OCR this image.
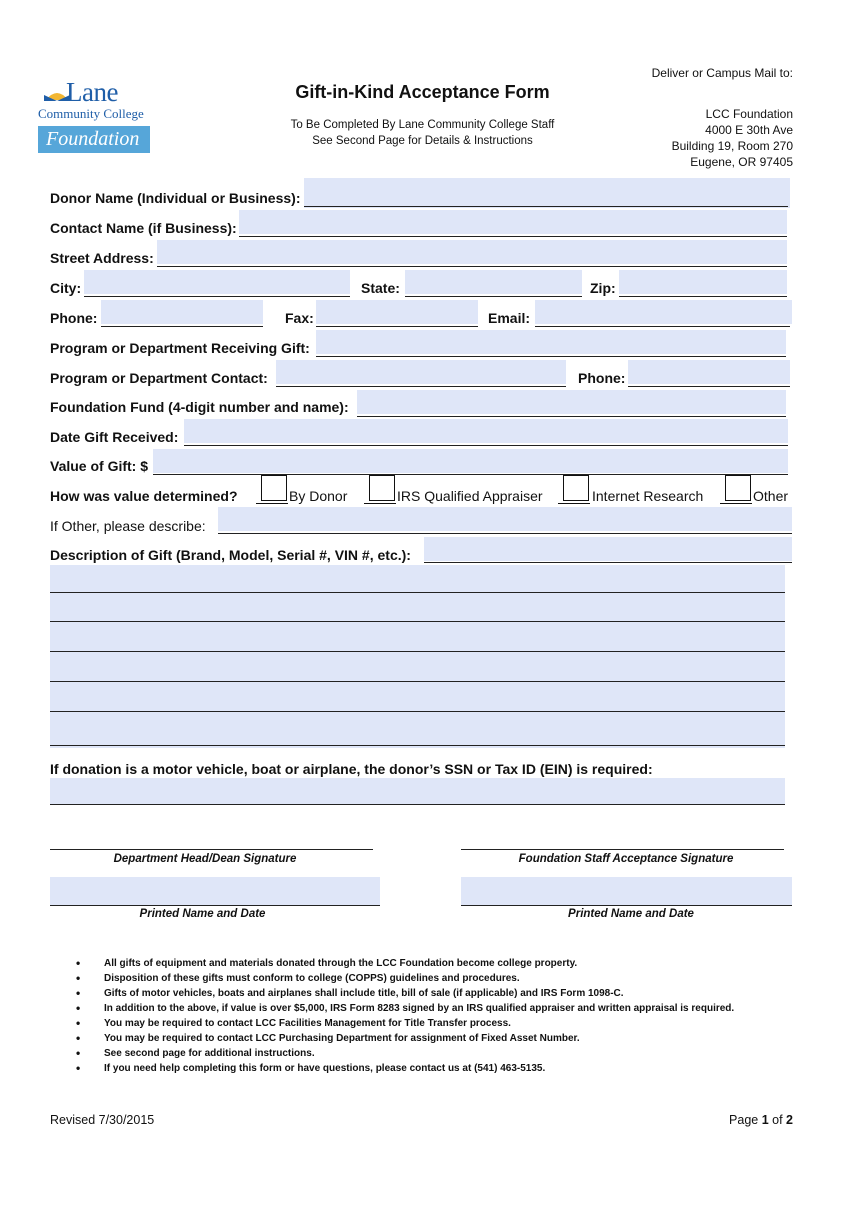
Lane
Community College
Foundation
Gift-in-Kind Acceptance Form
To Be Completed By Lane Community College Staff
See Second Page for Details & Instructions
Deliver or Campus Mail to:
LCC Foundation
4000 E 30th Ave
Building 19, Room 270
Eugene, OR 97405
Donor Name (Individual or Business):
Contact Name (if Business):
Street Address:
City:	State:	Zip:
Phone:	Fax:	Email:
Program or Department Receiving Gift:
Program or Department Contact:	Phone:
Foundation Fund (4-digit number and name):
Date Gift Received:
Value of Gift: $
How was value determined?	By Donor	IRS Qualified Appraiser	Internet Research	Other
If Other, please describe:
Description of Gift (Brand, Model, Serial #, VIN #, etc.):
If donation is a motor vehicle, boat or airplane, the donor’s SSN or Tax ID (EIN) is required:
Department Head/Dean Signature	Foundation Staff Acceptance Signature
Printed Name and Date	Printed Name and Date
• All gifts of equipment and materials donated through the LCC Foundation become college property.
• Disposition of these gifts must conform to college (COPPS) guidelines and procedures.
• Gifts of motor vehicles, boats and airplanes shall include title, bill of sale (if applicable) and IRS Form 1098-C.
• In addition to the above, if value is over $5,000, IRS Form 8283 signed by an IRS qualified appraiser and written appraisal is required.
• You may be required to contact LCC Facilities Management for Title Transfer process.
• You may be required to contact LCC Purchasing Department for assignment of Fixed Asset Number.
• See second page for additional instructions.
• If you need help completing this form or have questions, please contact us at (541) 463-5135.
Revised 7/30/2015	Page 1 of 2
